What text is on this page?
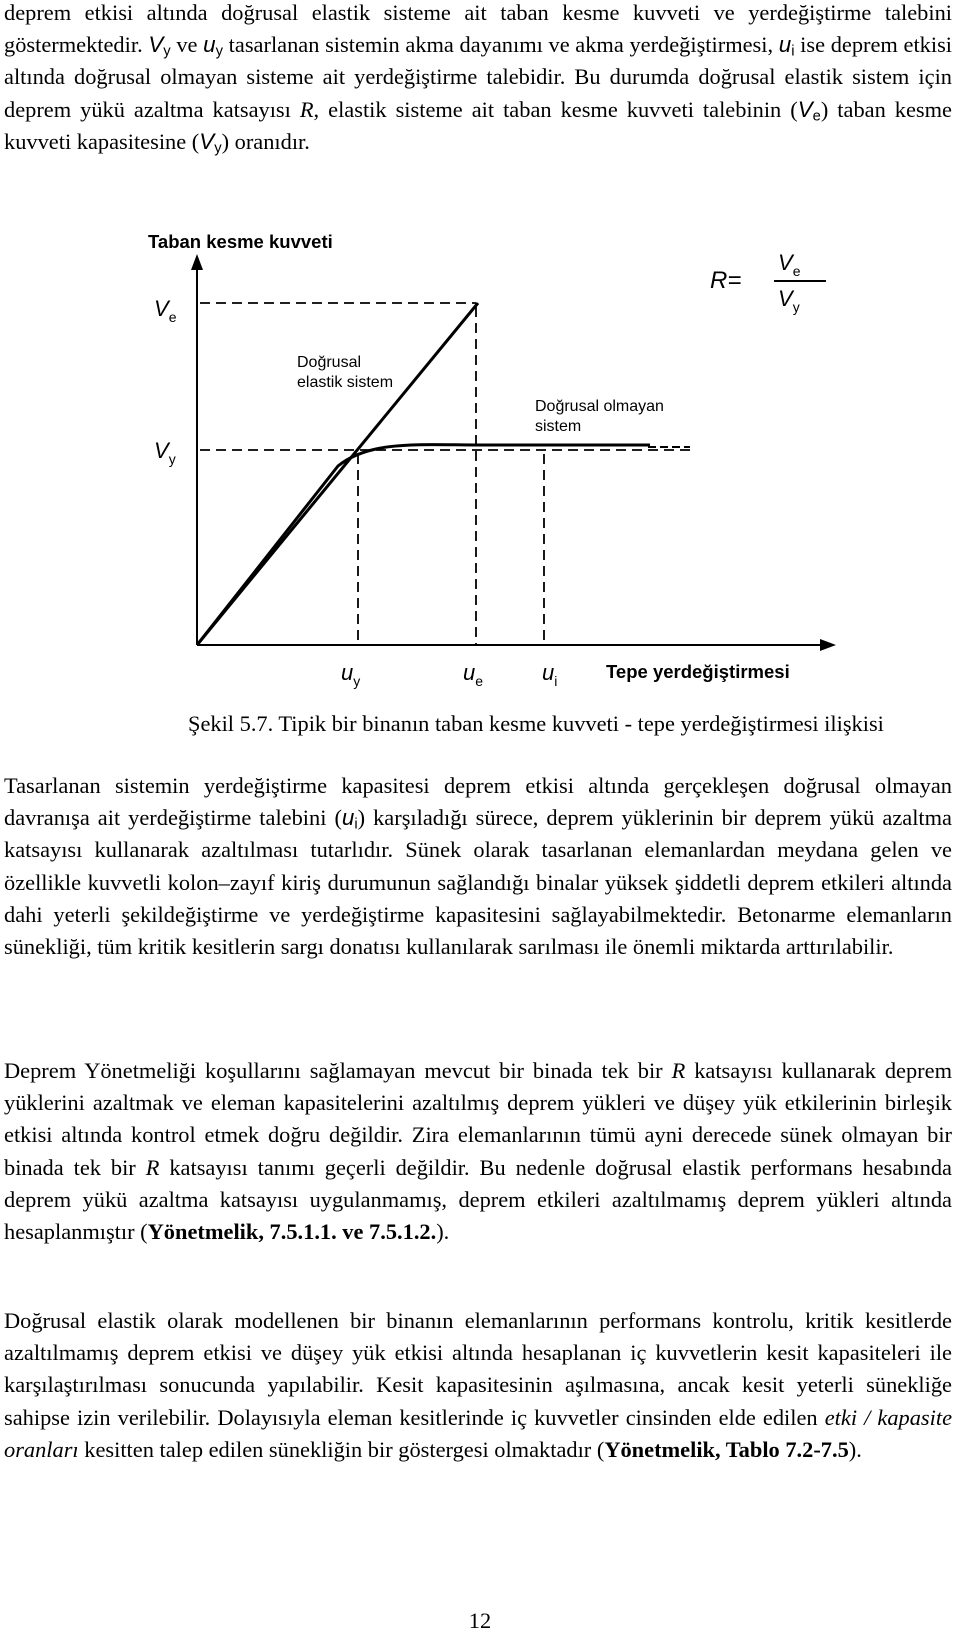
deprem etkisi altında doğrusal elastik sisteme ait taban kesme kuvveti ve yerdeğiştirme talebini göstermektedir. $V_y$ ve $u_y$ tasarlanan sistemin akma dayanımı ve akma yerdeğiştirmesi, $u_i$ ise deprem etkisi altında doğrusal olmayan sisteme ait yerdeğiştirme talebidir. Bu durumda doğrusal elastik sistem için deprem yükü azaltma katsayısı R, elastik sisteme ait taban kesme kuvveti talebinin $(V_e)$ taban kesme kuvveti kapasitesine $(V_y)$ oranıdır.

Taban kesme kuvveti
$V_e$
$V_y$
Doğrusal
elastik sistem
Doğrusal olmayan
sistem
$u_y$	$u_e$	$u_i$	Tepe yerdeğiştirmesi
R=
$V_e$
$V_y$
Şekil 5.7. Tipik bir binanın taban kesme kuvveti - tepe yerdeğiştirmesi ilişkisi

Tasarlanan sistemin yerdeğiştirme kapasitesi deprem etkisi altında gerçekleşen doğrusal olmayan davranışa ait yerdeğiştirme talebini $(u_i)$ karşıladığı sürece, deprem yüklerinin bir deprem yükü azaltma katsayısı kullanarak azaltılması tutarlıdır. Sünek olarak tasarlanan elemanlardan meydana gelen ve özellikle kuvvetli kolon–zayıf kiriş durumunun sağlandığı binalar yüksek şiddetli deprem etkileri altında dahi yeterli şekildeğiştirme ve yerdeğiştirme kapasitesini sağlayabilmektedir. Betonarme elemanların sünekliği, tüm kritik kesitlerin sargı donatısı kullanılarak sarılması ile önemli miktarda arttırılabilir.

Deprem Yönetmeliği koşullarını sağlamayan mevcut bir binada tek bir R katsayısı kullanarak deprem yüklerini azaltmak ve eleman kapasitelerini azaltılmış deprem yükleri ve düşey yük etkilerinin birleşik etkisi altında kontrol etmek doğru değildir. Zira elemanlarının tümü ayni derecede sünek olmayan bir binada tek bir R katsayısı tanımı geçerli değildir. Bu nedenle doğrusal elastik performans hesabında deprem yükü azaltma katsayısı uygulanmamış, deprem etkileri azaltılmamış deprem yükleri altında hesaplanmıştır (Yönetmelik, 7.5.1.1. ve 7.5.1.2.).

Doğrusal elastik olarak modellenen bir binanın elemanlarının performans kontrolu, kritik kesitlerde azaltılmamış deprem etkisi ve düşey yük etkisi altında hesaplanan iç kuvvetlerin kesit kapasiteleri ile karşılaştırılması sonucunda yapılabilir. Kesit kapasitesinin aşılmasına, ancak kesit yeterli sünekliğe sahipse izin verilebilir. Dolayısıyla eleman kesitlerinde iç kuvvetler cinsinden elde edilen etki / kapasite oranları kesitten talep edilen sünekliğin bir göstergesi olmaktadır (Yönetmelik, Tablo 7.2-7.5).

12
